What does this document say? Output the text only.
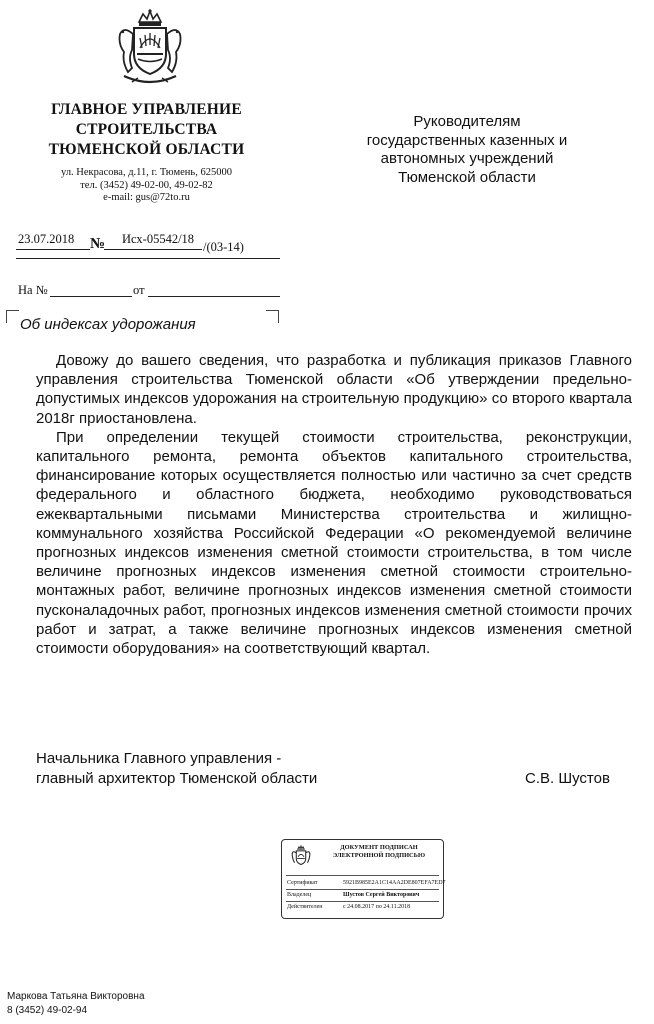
ГЛАВНОЕ УПРАВЛЕНИЕ
СТРОИТЕЛЬСТВА
ТЮМЕНСКОЙ ОБЛАСТИ
ул. Некрасова, д.11, г. Тюмень, 625000
тел. (3452) 49-02-00, 49-02-82
e-mail: gus@72to.ru
Руководителям
государственных казенных и
автономных учреждений
Тюменской области
23.07.2018 № Исх-05542/18
/(03-14)
На №	от
Об индексах удорожания

Довожу до вашего сведения, что разработка и публикация приказов Главного управления строительства Тюменской области «Об утверждении предельно-допустимых индексов удорожания на строительную продукцию» со второго квартала 2018г приостановлена.

При определении текущей стоимости строительства, реконструкции, капитального ремонта, ремонта объектов капитального строительства, финансирование которых осуществляется полностью или частично за счет средств федерального и областного бюджета, необходимо руководствоваться ежеквартальными письмами Министерства строительства и жилищно-коммунального хозяйства Российской Федерации «О рекомендуемой величине прогнозных индексов изменения сметной стоимости строительства, в том числе величине прогнозных индексов изменения сметной стоимости строительно-монтажных работ, величине прогнозных индексов изменения сметной стоимости пусконаладочных работ, прогнозных индексов изменения сметной стоимости прочих работ и затрат, а также величине прогнозных индексов изменения сметной стоимости оборудования» на соответствующий квартал.

Начальника Главного управления -
главный архитектор Тюменской области	С.В. Шустов
ДОКУМЕНТ ПОДПИСАН
ЭЛЕКТРОННОЙ ПОДПИСЬЮ
Сертификат	5921B985E2A1C14AA2DE807EFA7ED7
Владелец	Шустов Сергей Викторович
Действителен	с 24.08.2017 по 24.11.2018
Маркова Татьяна Викторовна
8 (3452) 49-02-94
